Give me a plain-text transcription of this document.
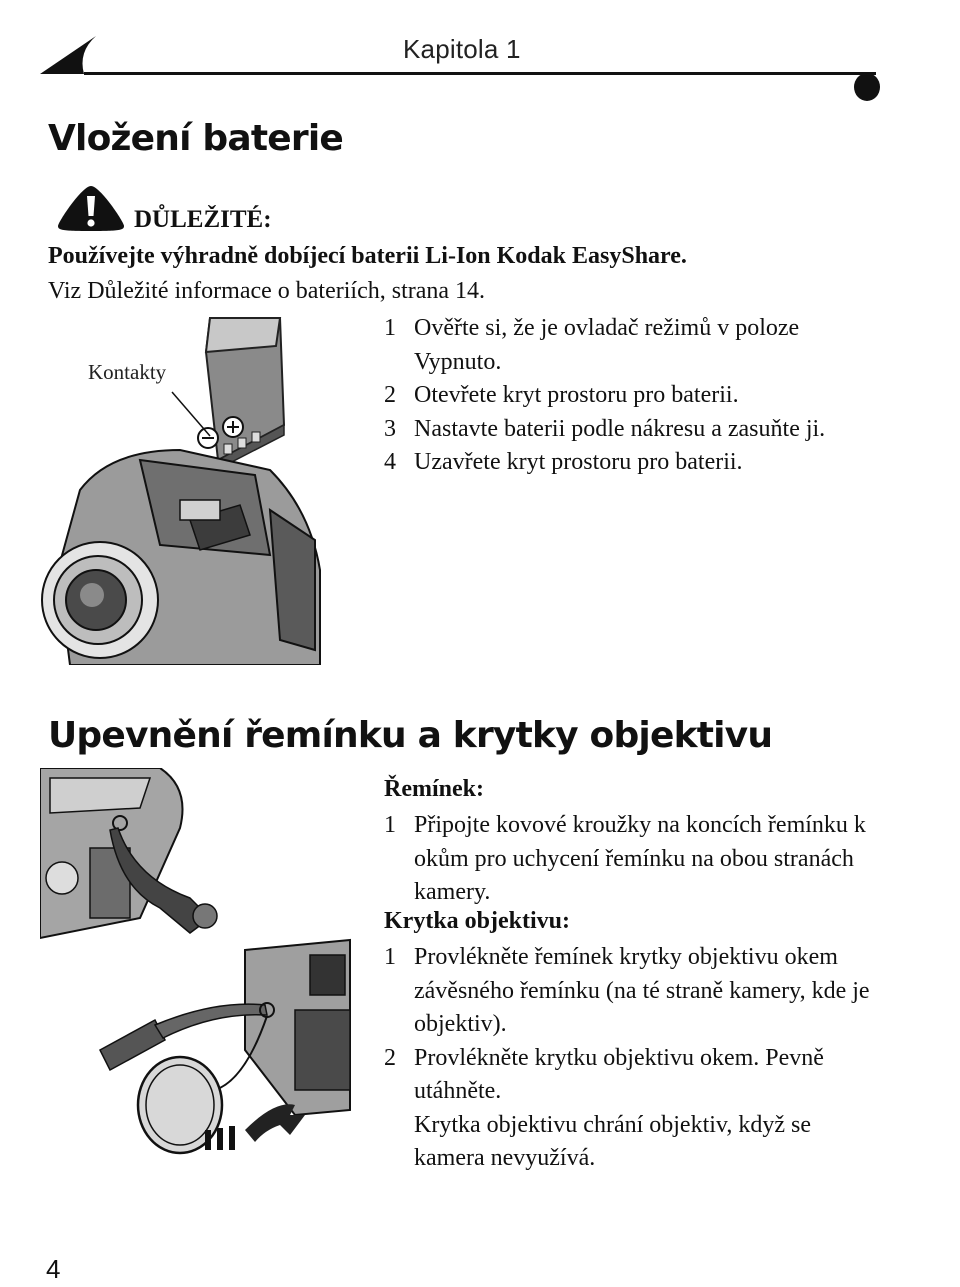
Kapitola 1
Vložení baterie
DŮLEŽITÉ:
Používejte výhradně dobíjecí baterii Li-Ion Kodak EasyShare.
Viz Důležité informace o bateriích, strana 14.
Kontakty
1 Ověřte si, že je ovladač režimů v poloze Vypnuto.
2 Otevřete kryt prostoru pro baterii.
3 Nastavte baterii podle nákresu a zasuňte ji.
4 Uzavřete kryt prostoru pro baterii.
Upevnění řemínku a krytky objektivu
Řemínek:
1 Připojte kovové kroužky na koncích řemínku k okům pro uchycení řemínku na obou stranách kamery.
Krytka objektivu:
1 Provlékněte řemínek krytky objektivu okem závěsného řemínku (na té straně kamery, kde je objektiv).
2 Provlékněte krytku objektivu okem. Pevně utáhněte.
Krytka objektivu chrání objektiv, když se kamera nevyužívá.
4
